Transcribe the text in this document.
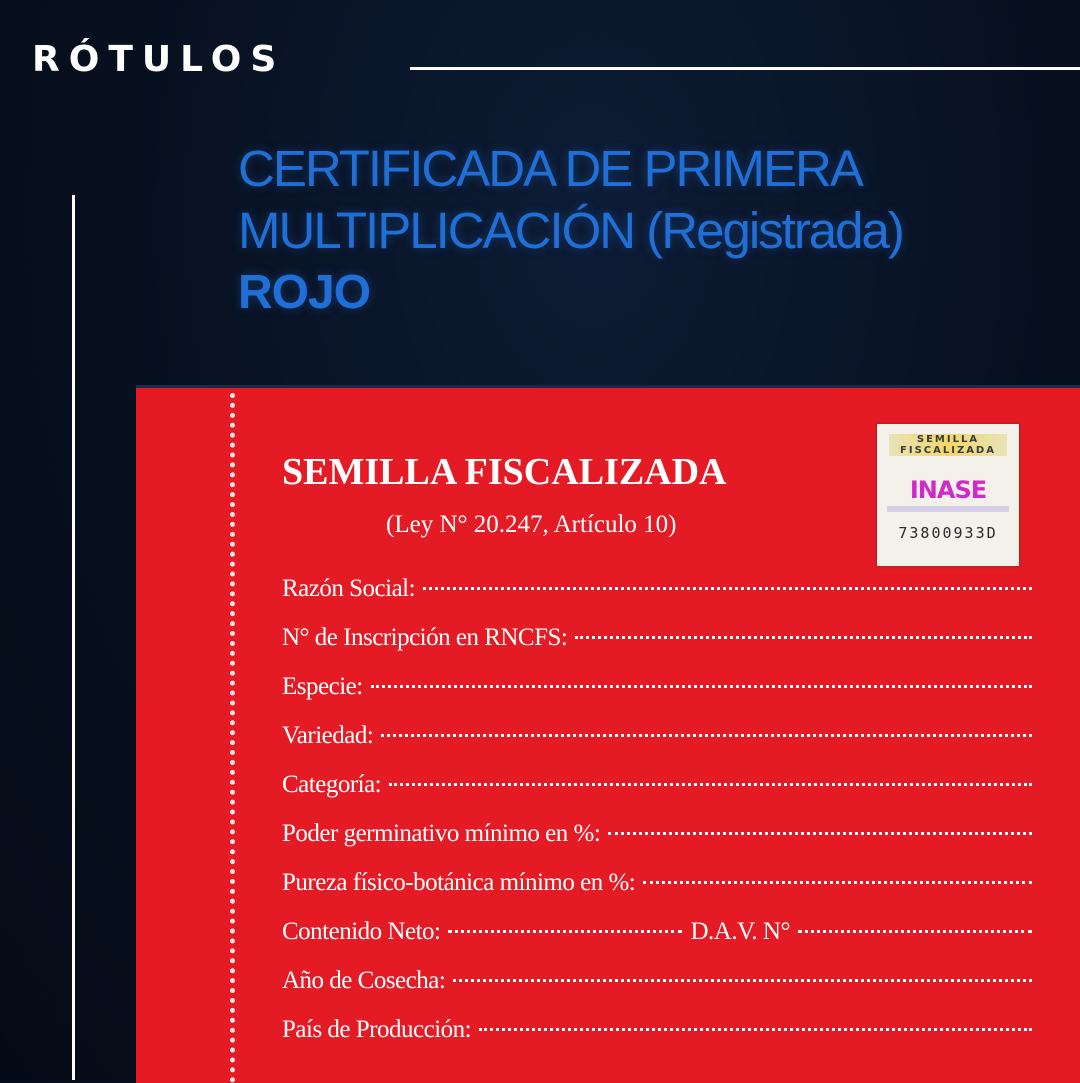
RÓTULOS
CERTIFICADA DE PRIMERA
MULTIPLICACIÓN (Registrada)
ROJO
SEMILLA FISCALIZADA
(Ley N° 20.247, Artículo 10)
SEMILLA FISCALIZADA
INASE
73800933D
Razón Social:
N° de Inscripción en RNCFS:
Especie:
Variedad:
Categoría:
Poder germinativo mínimo en %:
Pureza físico-botánica mínimo en %:
Contenido Neto:	D.A.V. N°
Año de Cosecha:
País de Producción:
